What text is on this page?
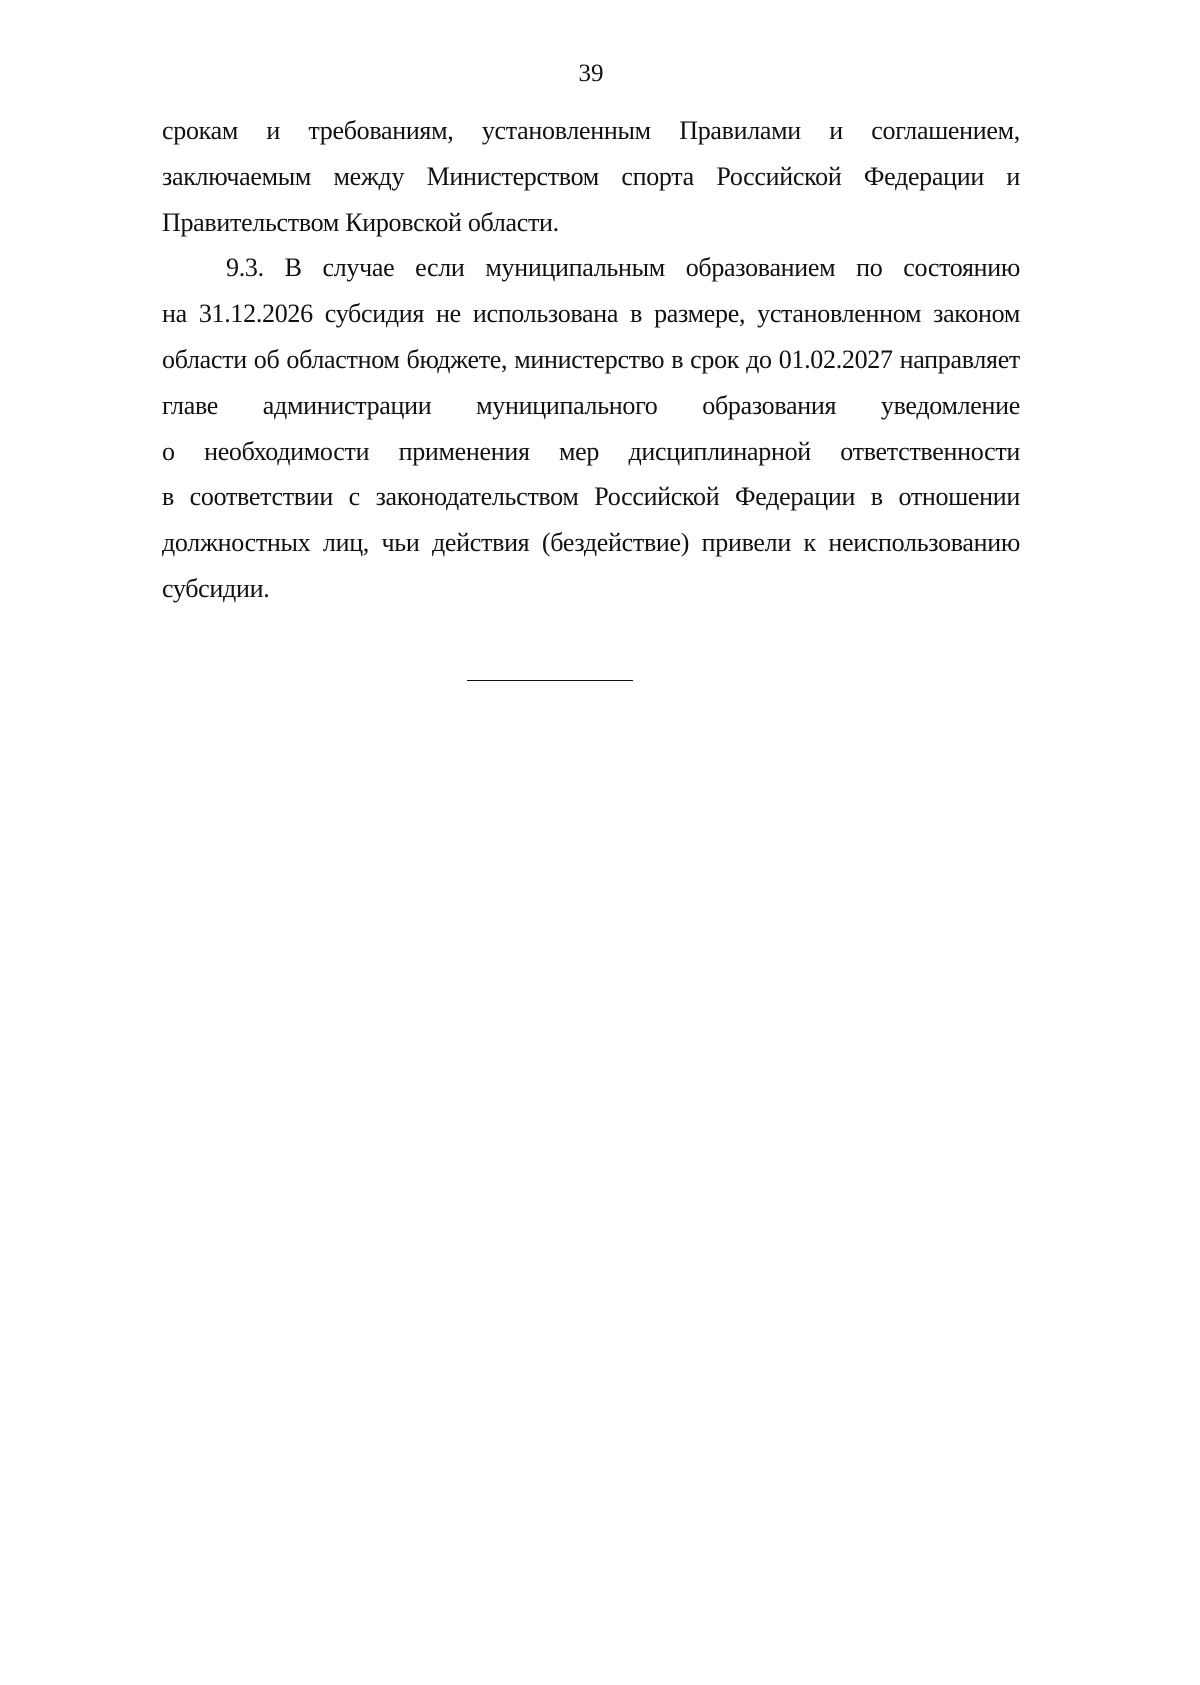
39
срокам и требованиям, установленным Правилами и соглашением,
заключаемым между Министерством спорта Российской Федерации и
Правительством Кировской области.
9.3. В случае если муниципальным образованием по состоянию
на 31.12.2026 субсидия не использована в размере, установленном законом
области об областном бюджете, министерство в срок до 01.02.2027 направляет
главе администрации муниципального образования уведомление
о необходимости применения мер дисциплинарной ответственности
в соответствии с законодательством Российской Федерации в отношении
должностных лиц, чьи действия (бездействие) привели к неиспользованию
субсидии.
